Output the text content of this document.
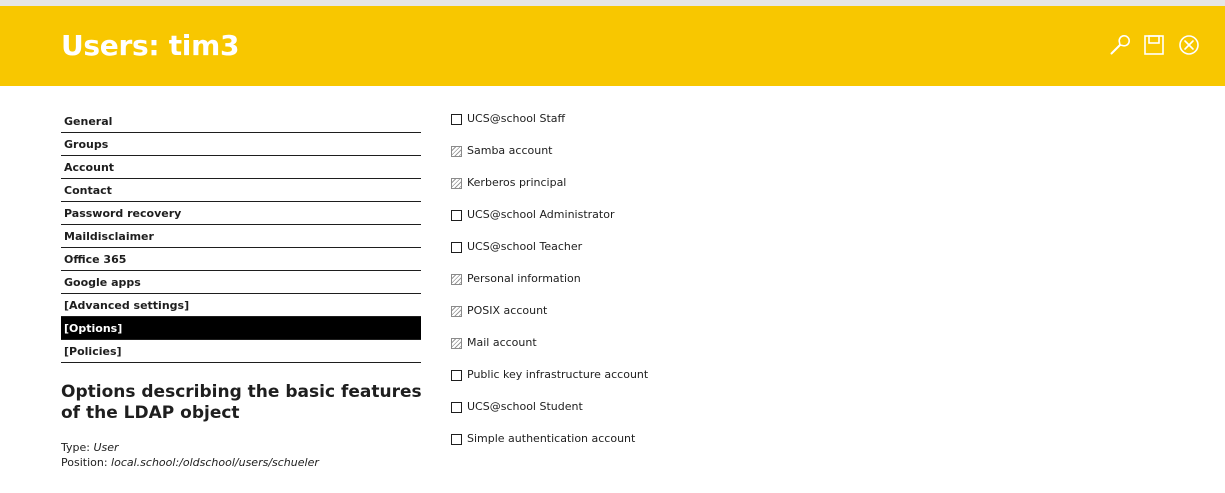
Users: tim3
General
Groups
Account
Contact
Password recovery
Maildisclaimer
Office 365
Google apps
[Advanced settings]
[Options]
[Policies]
Options describing the basic features of the LDAP object
Type: User
Position: local.school:/oldschool/users/schueler
UCS@school Staff
Samba account
Kerberos principal
UCS@school Administrator
UCS@school Teacher
Personal information
POSIX account
Mail account
Public key infrastructure account
UCS@school Student
Simple authentication account
